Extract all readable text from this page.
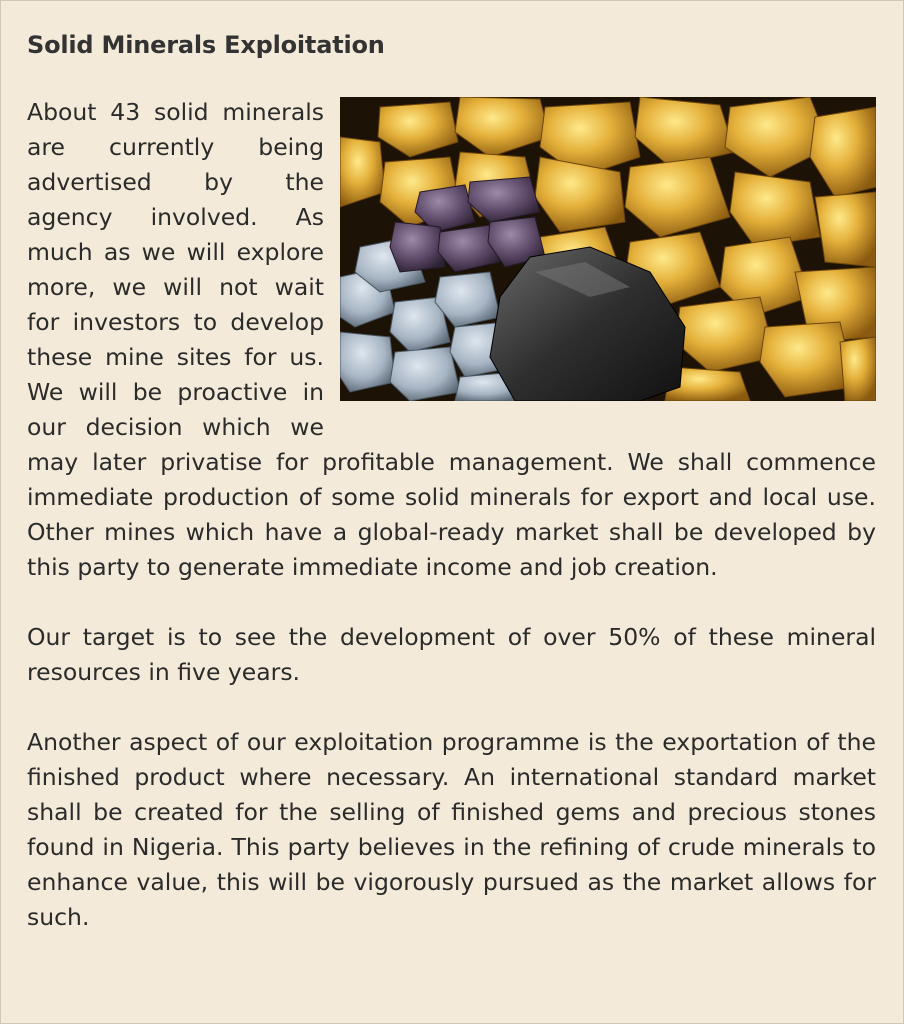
Solid Minerals Exploitation

About 43 solid minerals are currently being advertised by the agency involved. As much as we will explore more, we will not wait for investors to develop these mine sites for us. We will be proactive in our decision which we may later privatise for profitable management. We shall commence immediate production of some solid minerals for export and local use. Other mines which have a global-ready market shall be developed by this party to generate immediate income and job creation.

Our target is to see the development of over 50% of these mineral resources in five years.

Another aspect of our exploitation programme is the exportation of the finished product where necessary. An international standard market shall be created for the selling of finished gems and precious stones found in Nigeria. This party believes in the refining of crude minerals to enhance value, this will be vigorously pursued as the market allows for such.
